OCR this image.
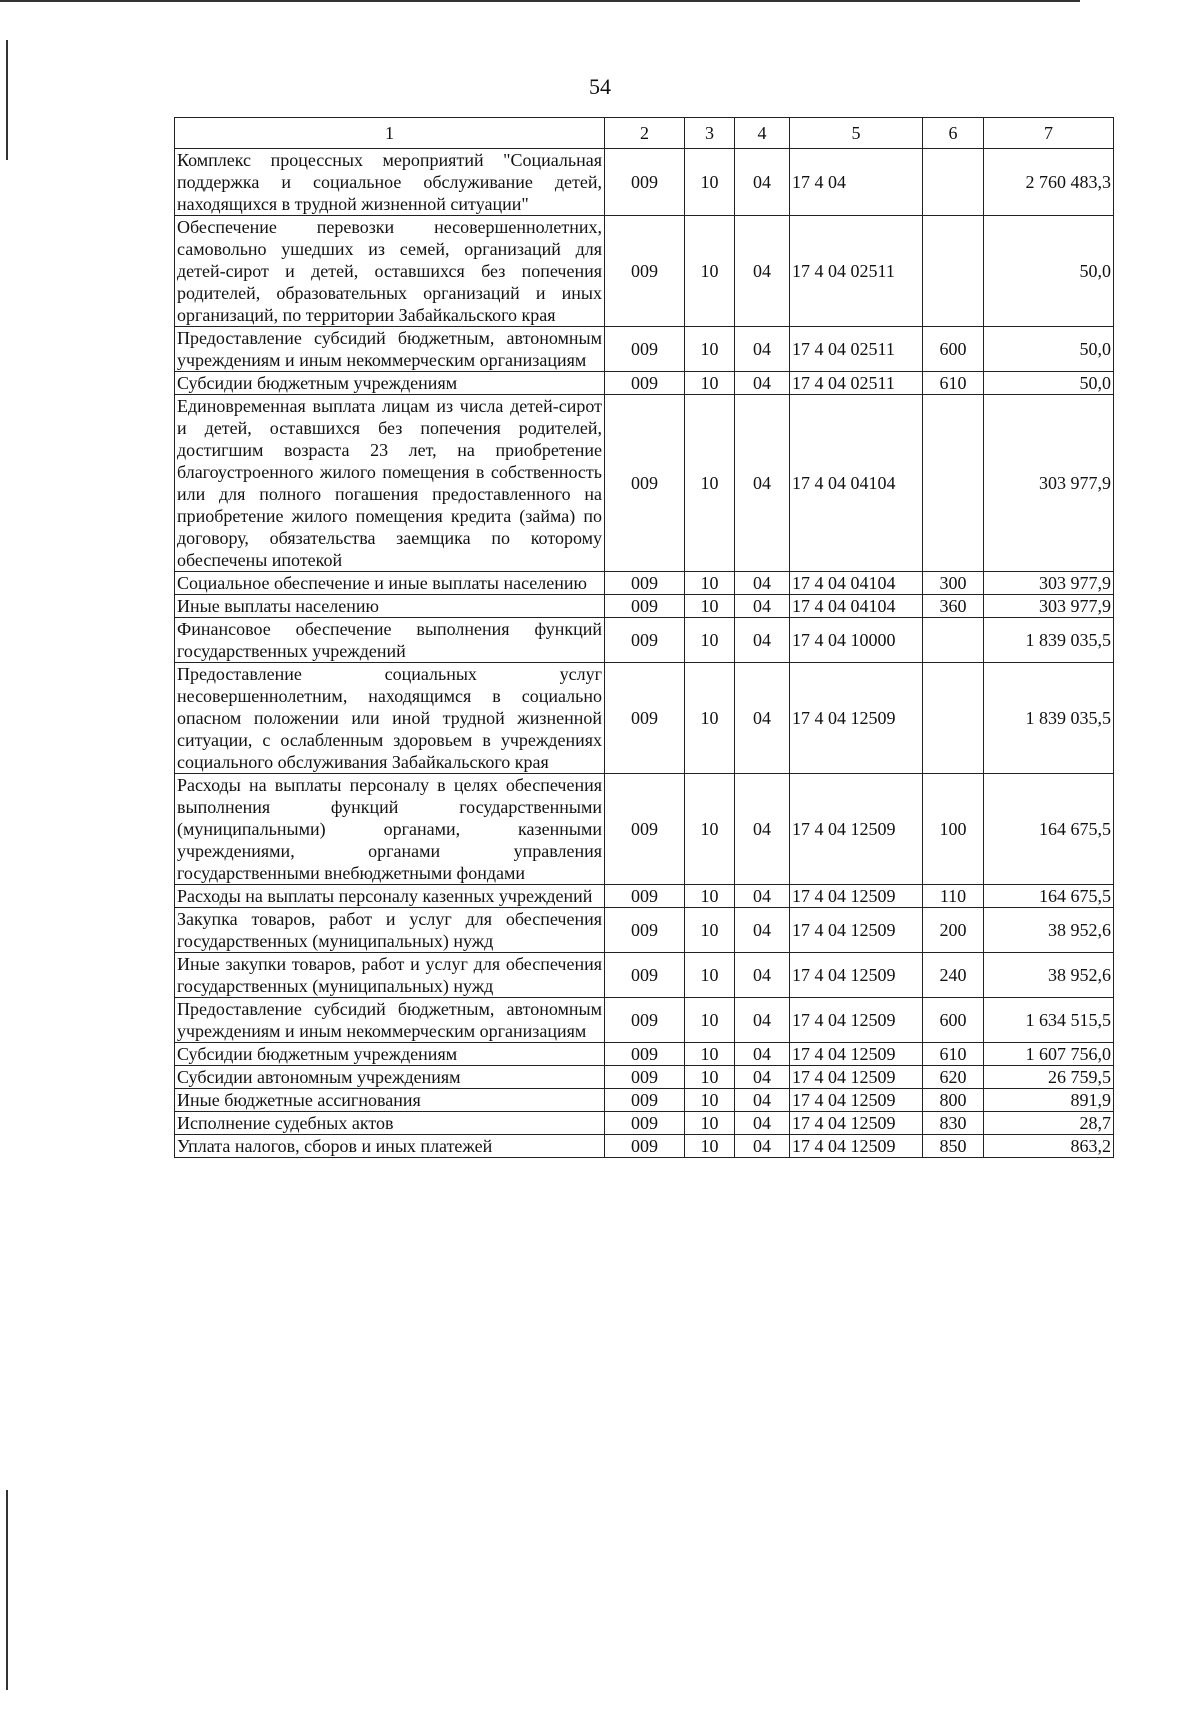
54
1	2	3	4	5	6	7
Комплекс процессных мероприятий "Социальная поддержка и социальное обслуживание детей, находящихся в трудной жизненной ситуации"	009	10	04	17 4 04		2 760 483,3
Обеспечение перевозки несовершеннолетних, самовольно ушедших из семей, организаций для детей-сирот и детей, оставшихся без попечения родителей, образовательных организаций и иных организаций, по территории Забайкальского края	009	10	04	17 4 04 02511		50,0
Предоставление субсидий бюджетным, автономным учреждениям и иным некоммерческим организациям	009	10	04	17 4 04 02511	600	50,0
Субсидии бюджетным учреждениям	009	10	04	17 4 04 02511	610	50,0
Единовременная выплата лицам из числа детей-сирот и детей, оставшихся без попечения родителей, достигшим возраста 23 лет, на приобретение благоустроенного жилого помещения в собственность или для полного погашения предоставленного на приобретение жилого помещения кредита (займа) по договору, обязательства заемщика по которому обеспечены ипотекой	009	10	04	17 4 04 04104		303 977,9
Социальное обеспечение и иные выплаты населению	009	10	04	17 4 04 04104	300	303 977,9
Иные выплаты населению	009	10	04	17 4 04 04104	360	303 977,9
Финансовое обеспечение выполнения функций государственных учреждений	009	10	04	17 4 04 10000		1 839 035,5
Предоставление социальных услуг несовершеннолетним, находящимся в социально опасном положении или иной трудной жизненной ситуации, с ослабленным здоровьем в учреждениях социального обслуживания Забайкальского края	009	10	04	17 4 04 12509		1 839 035,5
Расходы на выплаты персоналу в целях обеспечения выполнения функций государственными (муниципальными) органами, казенными учреждениями, органами управления государственными внебюджетными фондами	009	10	04	17 4 04 12509	100	164 675,5
Расходы на выплаты персоналу казенных учреждений	009	10	04	17 4 04 12509	110	164 675,5
Закупка товаров, работ и услуг для обеспечения государственных (муниципальных) нужд	009	10	04	17 4 04 12509	200	38 952,6
Иные закупки товаров, работ и услуг для обеспечения государственных (муниципальных) нужд	009	10	04	17 4 04 12509	240	38 952,6
Предоставление субсидий бюджетным, автономным учреждениям и иным некоммерческим организациям	009	10	04	17 4 04 12509	600	1 634 515,5
Субсидии бюджетным учреждениям	009	10	04	17 4 04 12509	610	1 607 756,0
Субсидии автономным учреждениям	009	10	04	17 4 04 12509	620	26 759,5
Иные бюджетные ассигнования	009	10	04	17 4 04 12509	800	891,9
Исполнение судебных актов	009	10	04	17 4 04 12509	830	28,7
Уплата налогов, сборов и иных платежей	009	10	04	17 4 04 12509	850	863,2
